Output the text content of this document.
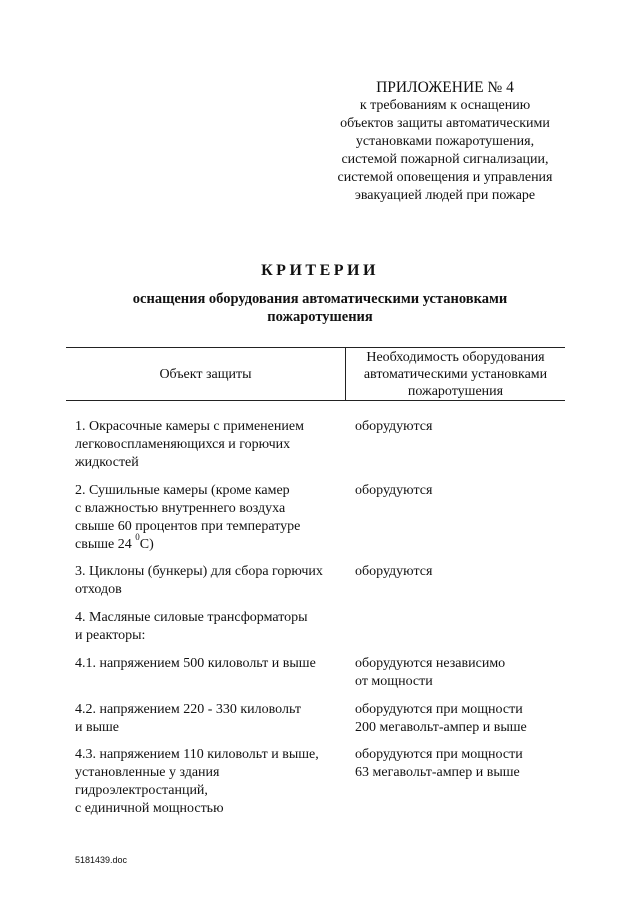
ПРИЛОЖЕНИЕ № 4
к требованиям к оснащению
объектов защиты автоматическими
установками пожаротушения,
системой пожарной сигнализации,
системой оповещения и управления
эвакуацией людей при пожаре
КРИТЕРИИ
оснащения оборудования автоматическими установками
пожаротушения
Объект защиты
Необходимость оборудования
автоматическими установками
пожаротушения
1. Окрасочные камеры с применением
легковоспламеняющихся и горючих
жидкостей
оборудуются
2. Сушильные камеры (кроме камер
с влажностью внутреннего воздуха
свыше 60 процентов при температуре
свыше 24 $^0$С)
оборудуются
3. Циклоны (бункеры) для сбора горючих
отходов
оборудуются
4. Масляные силовые трансформаторы
и реакторы:
4.1. напряжением 500 киловольт и выше	оборудуются независимо
от мощности
4.2. напряжением 220 - 330 киловольт
и выше
оборудуются при мощности
200 мегавольт-ампер и выше
4.3. напряжением 110 киловольт и выше,
установленные у здания
гидроэлектростанций,
с единичной мощностью
оборудуются при мощности
63 мегавольт-ампер и выше
5181439.doc
